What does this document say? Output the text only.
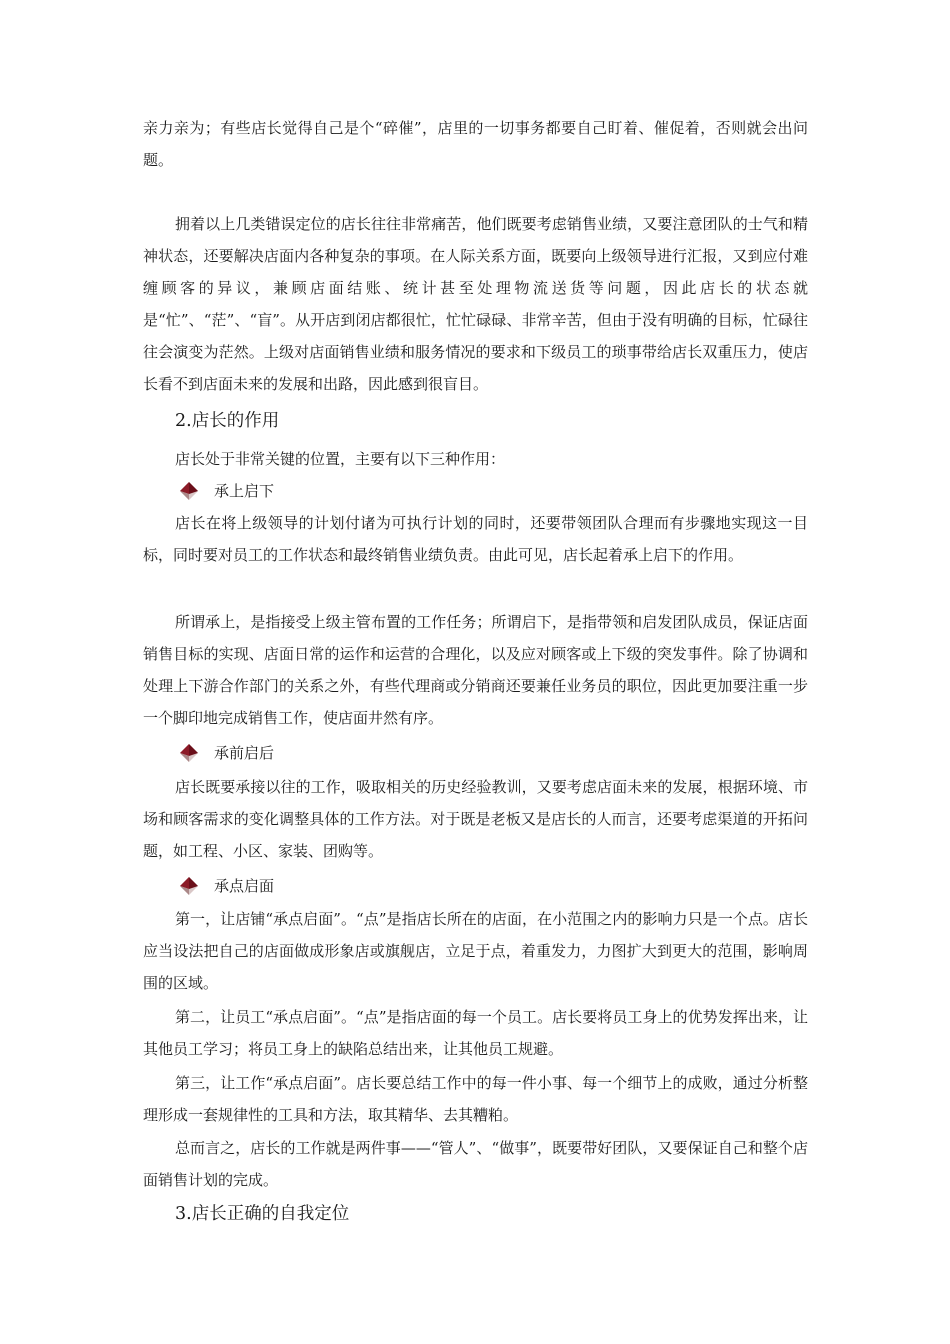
亲力亲为；有些店长觉得自己是个“碎催”，店里的一切事务都要自己盯着、催促着，否则就会出问题。

拥着以上几类错误定位的店长往往非常痛苦，他们既要考虑销售业绩，又要注意团队的士气和精神状态，还要解决店面内各种复杂的事项。在人际关系方面，既要向上级领导进行汇报，又到应付难缠顾客的异议，兼顾店面结账、统计甚至处理物流送货等问题，因此店长的状态就是“忙”、“茫”、“盲”。从开店到闭店都很忙，忙忙碌碌、非常辛苦，但由于没有明确的目标，忙碌往往会演变为茫然。上级对店面销售业绩和服务情况的要求和下级员工的琐事带给店长双重压力，使店长看不到店面未来的发展和出路，因此感到很盲目。

2.店长的作用

店长处于非常关键的位置，主要有以下三种作用：

承上启下

店长在将上级领导的计划付诸为可执行计划的同时，还要带领团队合理而有步骤地实现这一目标，同时要对员工的工作状态和最终销售业绩负责。由此可见，店长起着承上启下的作用。

所谓承上，是指接受上级主管布置的工作任务；所谓启下，是指带领和启发团队成员，保证店面销售目标的实现、店面日常的运作和运营的合理化，以及应对顾客或上下级的突发事件。除了协调和处理上下游合作部门的关系之外，有些代理商或分销商还要兼任业务员的职位，因此更加要注重一步一个脚印地完成销售工作，使店面井然有序。

承前启后

店长既要承接以往的工作，吸取相关的历史经验教训，又要考虑店面未来的发展，根据环境、市场和顾客需求的变化调整具体的工作方法。对于既是老板又是店长的人而言，还要考虑渠道的开拓问题，如工程、小区、家装、团购等。

承点启面

第一，让店铺“承点启面”。“点”是指店长所在的店面，在小范围之内的影响力只是一个点。店长应当设法把自己的店面做成形象店或旗舰店，立足于点，着重发力，力图扩大到更大的范围，影响周围的区域。

第二，让员工“承点启面”。“点”是指店面的每一个员工。店长要将员工身上的优势发挥出来，让其他员工学习；将员工身上的缺陷总结出来，让其他员工规避。

第三，让工作“承点启面”。店长要总结工作中的每一件小事、每一个细节上的成败，通过分析整理形成一套规律性的工具和方法，取其精华、去其糟粕。

总而言之，店长的工作就是两件事——“管人”、“做事”，既要带好团队，又要保证自己和整个店面销售计划的完成。

3.店长正确的自我定位
